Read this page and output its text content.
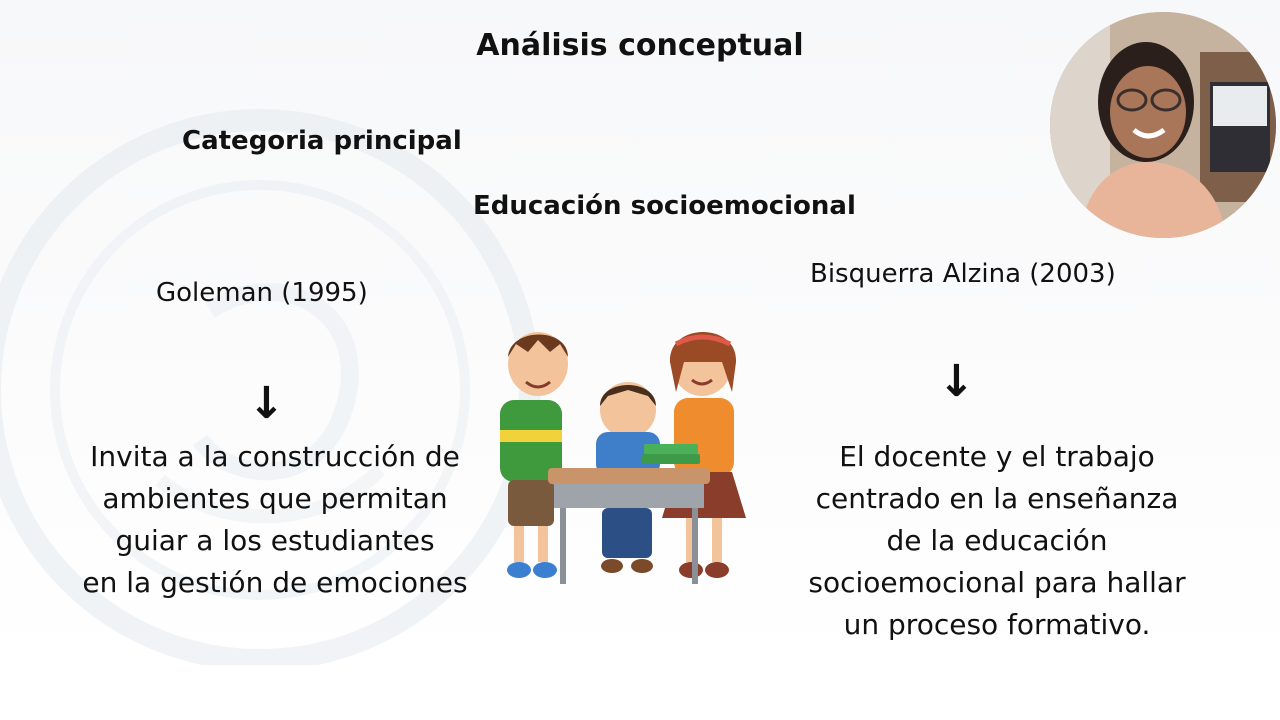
Análisis conceptual
Categoria principal
Educación socioemocional
Goleman (1995)
Bisquerra Alzina (2003)
↓	↓
Invita a la construcción de
ambientes que permitan
guiar a los estudiantes
en la gestión de emociones
El docente y el trabajo
centrado en la enseñanza
de la educación
socioemocional para hallar
un proceso formativo.
